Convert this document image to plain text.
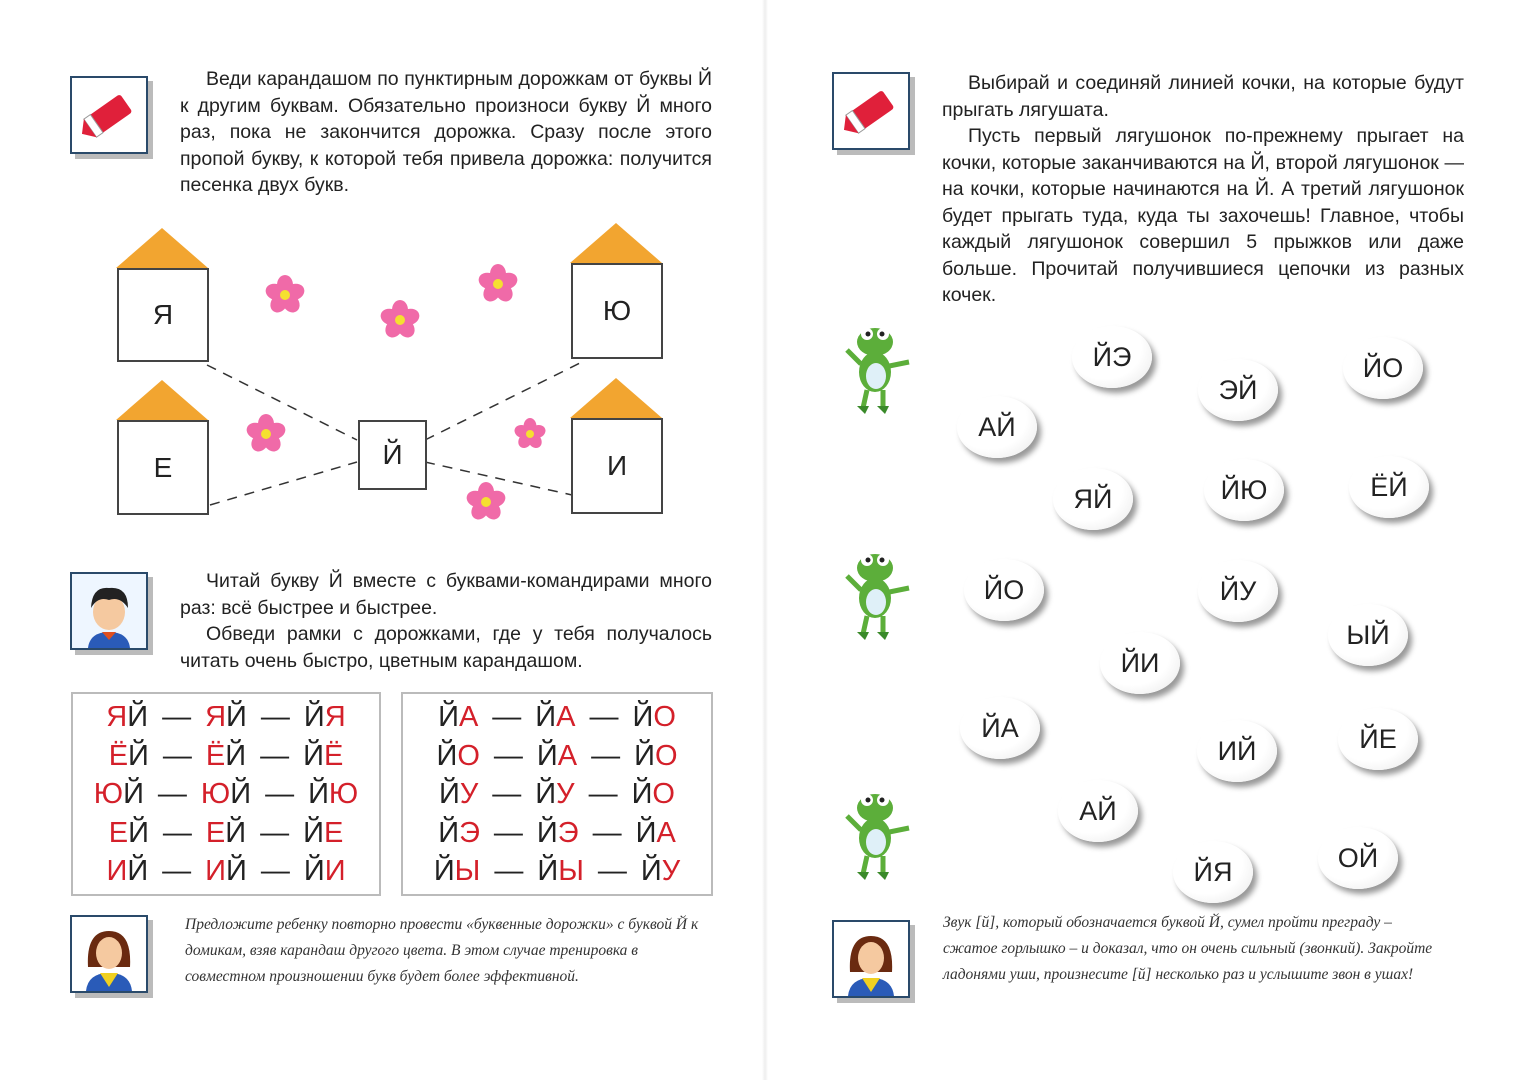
Веди карандашом по пунктирным дорожкам от буквы Й к другим буквам. Обязательно произноси букву Й много раз, пока не закончится дорожка. Сразу после этого пропой букву, к которой тебя привела дорожка: получится песенка двух букв.

Я	Ю
Е	И
Й

Читай букву Й вместе с буквами-командирами много раз: всё быстрее и быстрее.

Обведи рамки с дорожками, где у тебя получалось читать очень быстро, цветным карандашом.

ЯЙ — ЯЙ — ЙЯ
ЁЙ — ЁЙ — ЙЁ
ЮЙ — ЮЙ — ЙЮ
ЕЙ — ЕЙ — ЙЕ
ИЙ — ИЙ — ЙИ
ЙА — ЙА — ЙО
ЙО — ЙА — ЙО
ЙУ — ЙУ — ЙО
ЙЭ — ЙЭ — ЙА
ЙЫ — ЙЫ — ЙУ
Предложите ребенку повторно провести «буквенные дорожки» с буквой Й к домикам, взяв карандаш другого цвета. В этом случае тренировка в совместном произношении букв будет более эффективной.

Выбирай и соединяй линией кочки, на которые будут прыгать лягушата.

Пусть первый лягушонок по-прежнему прыгает на кочки, которые заканчиваются на Й, второй лягушонок — на кочки, которые начинаются на Й. А третий лягушонок будет прыгать туда, куда ты захочешь! Главное, чтобы каждый лягушонок совершил 5 прыжков или даже больше. Прочитай получившиеся цепочки из разных кочек.

ЙЭ
ЭЙ
ЙО
АЙ
ЯЙ	ЙЮ	ЁЙ
ЙО	ЙУ
ЫЙ
ЙИ
ЙА
ИЙ	ЙЕ
АЙ
ЙЯ	ОЙ
Звук [й], который обозначается буквой Й, сумел пройти преграду – сжатое горлышко – и доказал, что он очень сильный (звонкий). Закройте ладонями уши, произнесите [й] несколько раз и услышите звон в ушах!
